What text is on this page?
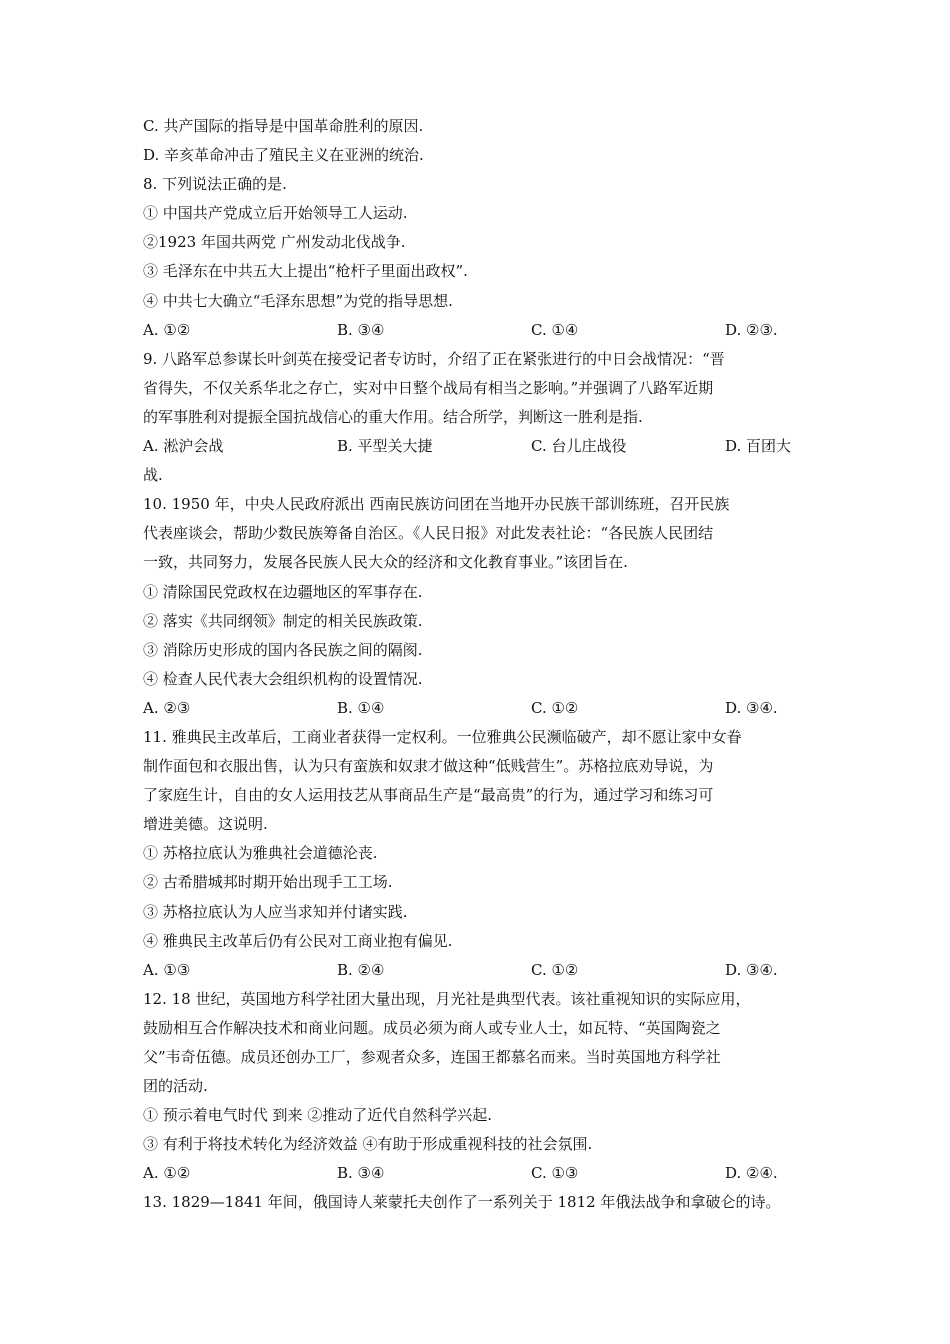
C. 共产国际的指导是中国革命胜利的原因.
D. 辛亥革命冲击了殖民主义在亚洲的统治.
8. 下列说法正确的是.
① 中国共产党成立后开始领导工人运动.
②1923 年国共两党 广州发动北伐战争.
③ 毛泽东在中共五大上提出“枪杆子里面出政权”.
④ 中共七大确立“毛泽东思想”为党的指导思想.
A. ①②	B. ③④	C. ①④	D. ②③.
9. 八路军总参谋长叶剑英在接受记者专访时，介绍了正在紧张进行的中日会战情况：“晋
省得失，不仅关系华北之存亡，实对中日整个战局有相当之影响。”并强调了八路军近期
的军事胜利对提振全国抗战信心的重大作用。结合所学，判断这一胜利是指.
A. 淞沪会战	B. 平型关大捷	C. 台儿庄战役	D. 百团大
战.
10. 1950 年，中央人民政府派出 西南民族访问团在当地开办民族干部训练班，召开民族
代表座谈会，帮助少数民族筹备自治区。《人民日报》对此发表社论：“各民族人民团结
一致，共同努力，发展各民族人民大众的经济和文化教育事业。”该团旨在.
① 清除国民党政权在边疆地区的军事存在.
② 落实《共同纲领》制定的相关民族政策.
③ 消除历史形成的国内各民族之间的隔阂.
④ 检查人民代表大会组织机构的设置情况.
A. ②③	B. ①④	C. ①②	D. ③④.
11. 雅典民主改革后，工商业者获得一定权利。一位雅典公民濒临破产，却不愿让家中女眷
制作面包和衣服出售，认为只有蛮族和奴隶才做这种“低贱营生”。苏格拉底劝导说，为
了家庭生计，自由的女人运用技艺从事商品生产是“最高贵”的行为，通过学习和练习可
增进美德。这说明.
① 苏格拉底认为雅典社会道德沦丧.
② 古希腊城邦时期开始出现手工工场.
③ 苏格拉底认为人应当求知并付诸实践.
④ 雅典民主改革后仍有公民对工商业抱有偏见.
A. ①③	B. ②④	C. ①②	D. ③④.
12. 18 世纪，英国地方科学社团大量出现，月光社是典型代表。该社重视知识的实际应用，
鼓励相互合作解决技术和商业问题。成员必须为商人或专业人士，如瓦特、“英国陶瓷之
父”韦奇伍德。成员还创办工厂，参观者众多，连国王都慕名而来。当时英国地方科学社
团的活动.
① 预示着电气时代 到来 ②推动了近代自然科学兴起.
③ 有利于将技术转化为经济效益 ④有助于形成重视科技的社会氛围.
A. ①②	B. ③④	C. ①③	D. ②④.
13. 1829—1841 年间，俄国诗人莱蒙托夫创作了一系列关于 1812 年俄法战争和拿破仑的诗。
